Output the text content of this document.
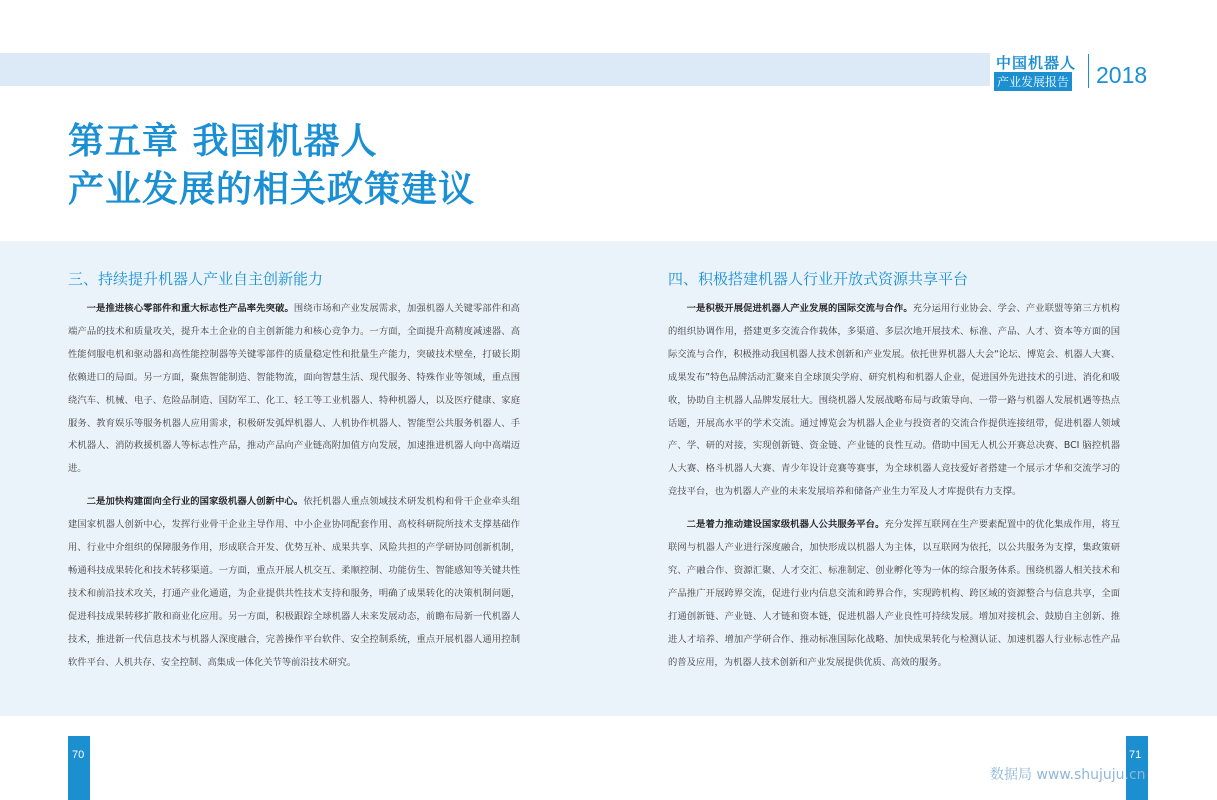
中国机器人
产业发展报告 2018
第五章 我国机器人
产业发展的相关政策建议
三、持续提升机器人产业自主创新能力

一是推进核心零部件和重大标志性产品率先突破。围绕市场和产业发展需求，加强机器人关键零部件和高端产品的技术和质量攻关，提升本土企业的自主创新能力和核心竞争力。一方面，全面提升高精度减速器、高性能伺服电机和驱动器和高性能控制器等关键零部件的质量稳定性和批量生产能力，突破技术壁垒，打破长期依赖进口的局面。另一方面，聚焦智能制造、智能物流，面向智慧生活、现代服务、特殊作业等领域，重点围绕汽车、机械、电子、危险品制造、国防军工、化工、轻工等工业机器人、特种机器人，以及医疗健康、家庭服务、教育娱乐等服务机器人应用需求，积极研发弧焊机器人、人机协作机器人、智能型公共服务机器人、手术机器人、消防救援机器人等标志性产品，推动产品向产业链高附加值方向发展，加速推进机器人向中高端迈进。

二是加快构建面向全行业的国家级机器人创新中心。依托机器人重点领域技术研发机构和骨干企业牵头组建国家机器人创新中心，发挥行业骨干企业主导作用、中小企业协同配套作用、高校科研院所技术支撑基础作用、行业中介组织的保障服务作用，形成联合开发、优势互补、成果共享、风险共担的产学研协同创新机制，畅通科技成果转化和技术转移渠道。一方面，重点开展人机交互、柔顺控制、功能仿生、智能感知等关键共性技术和前沿技术攻关，打通产业化通道，为企业提供共性技术支持和服务，明确了成果转化的决策机制问题，促进科技成果转移扩散和商业化应用。另一方面，积极跟踪全球机器人未来发展动态，前瞻布局新一代机器人技术，推进新一代信息技术与机器人深度融合，完善操作平台软件、安全控制系统，重点开展机器人通用控制软件平台、人机共存、安全控制、高集成一体化关节等前沿技术研究。

四、积极搭建机器人行业开放式资源共享平台

一是积极开展促进机器人产业发展的国际交流与合作。充分运用行业协会、学会、产业联盟等第三方机构的组织协调作用，搭建更多交流合作载体，多渠道、多层次地开展技术、标准、产品、人才、资本等方面的国际交流与合作，积极推动我国机器人技术创新和产业发展。依托世界机器人大会“论坛、博览会、机器人大赛、成果发布”特色品牌活动汇聚来自全球顶尖学府、研究机构和机器人企业，促进国外先进技术的引进、消化和吸收，协助自主机器人品牌发展壮大。围绕机器人发展战略布局与政策导向、一带一路与机器人发展机遇等热点话题，开展高水平的学术交流。通过博览会为机器人企业与投资者的交流合作提供连接纽带，促进机器人领域产、学、研的对接，实现创新链、资金链、产业链的良性互动。借助中国无人机公开赛总决赛、BCI 脑控机器人大赛、格斗机器人大赛、青少年设计竞赛等赛事，为全球机器人竞技爱好者搭建一个展示才华和交流学习的竞技平台，也为机器人产业的未来发展培养和储备产业生力军及人才库提供有力支撑。

二是着力推动建设国家级机器人公共服务平台。充分发挥互联网在生产要素配置中的优化集成作用，将互联网与机器人产业进行深度融合，加快形成以机器人为主体，以互联网为依托，以公共服务为支撑，集政策研究、产融合作、资源汇聚、人才交汇、标准制定、创业孵化等为一体的综合服务体系。围绕机器人相关技术和产品推广开展跨界交流，促进行业内信息交流和跨界合作，实现跨机构、跨区域的资源整合与信息共享，全面打通创新链、产业链、人才链和资本链，促进机器人产业良性可持续发展。增加对接机会、鼓励自主创新、推进人才培养、增加产学研合作、推动标准国际化战略、加快成果转化与检测认证、加速机器人行业标志性产品的普及应用，为机器人技术创新和产业发展提供优质、高效的服务。

70	71
数据局 www.shujuju.cn
